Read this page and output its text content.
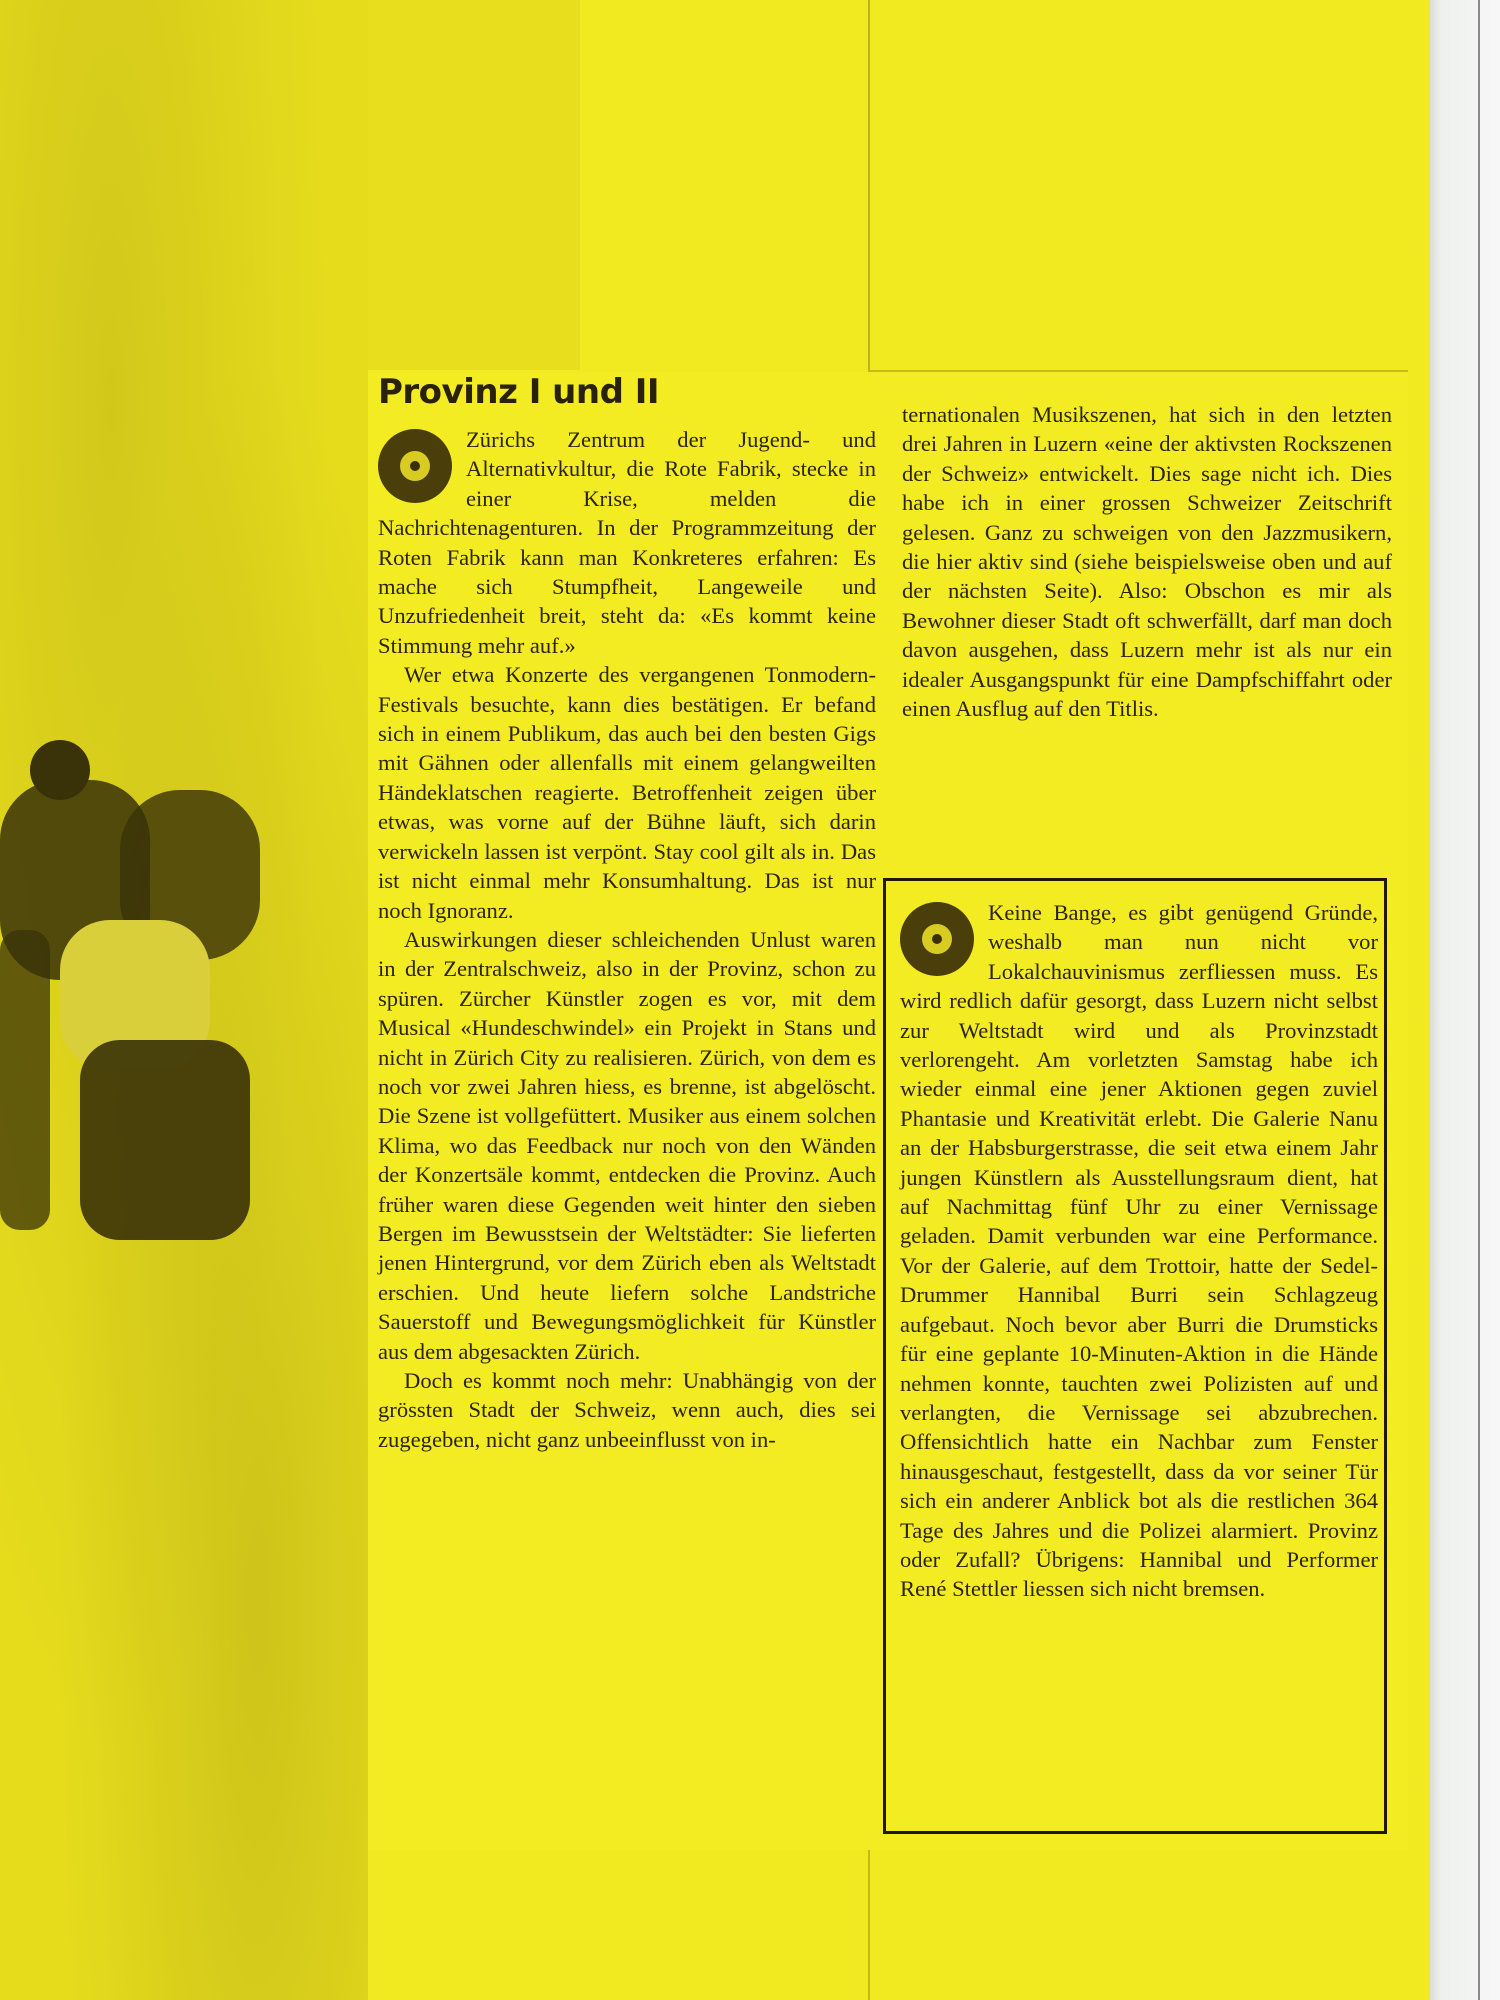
Provinz I und II

Zürichs Zentrum der Jugend- und Alternativkultur, die Rote Fabrik, stecke in einer Krise, melden die Nachrichtenagenturen. In der Programmzeitung der Roten Fabrik kann man Konkreteres erfahren: Es mache sich Stumpfheit, Langeweile und Unzufriedenheit breit, steht da: «Es kommt keine Stimmung mehr auf.»

Wer etwa Konzerte des vergangenen Tonmodern-Festivals besuchte, kann dies bestätigen. Er befand sich in einem Publikum, das auch bei den besten Gigs mit Gähnen oder allenfalls mit einem gelangweilten Händeklatschen reagierte. Betroffenheit zeigen über etwas, was vorne auf der Bühne läuft, sich darin verwickeln lassen ist verpönt. Stay cool gilt als in. Das ist nicht einmal mehr Konsumhaltung. Das ist nur noch Ignoranz.

Auswirkungen dieser schleichenden Unlust waren in der Zentralschweiz, also in der Provinz, schon zu spüren. Zürcher Künstler zogen es vor, mit dem Musical «Hundeschwindel» ein Projekt in Stans und nicht in Zürich City zu realisieren. Zürich, von dem es noch vor zwei Jahren hiess, es brenne, ist abgelöscht. Die Szene ist vollgefüttert. Musiker aus einem solchen Klima, wo das Feedback nur noch von den Wänden der Konzertsäle kommt, entdecken die Provinz. Auch früher waren diese Gegenden weit hinter den sieben Bergen im Bewusstsein der Weltstädter: Sie lieferten jenen Hintergrund, vor dem Zürich eben als Weltstadt erschien. Und heute liefern solche Landstriche Sauerstoff und Bewegungsmöglichkeit für Künstler aus dem abgesackten Zürich.

Doch es kommt noch mehr: Unabhängig von der grössten Stadt der Schweiz, wenn auch, dies sei zugegeben, nicht ganz unbeeinflusst von in-

ternationalen Musikszenen, hat sich in den letzten drei Jahren in Luzern «eine der aktivsten Rockszenen der Schweiz» entwickelt. Dies sage nicht ich. Dies habe ich in einer grossen Schweizer Zeitschrift gelesen. Ganz zu schweigen von den Jazzmusikern, die hier aktiv sind (siehe beispielsweise oben und auf der nächsten Seite). Also: Obschon es mir als Bewohner dieser Stadt oft schwerfällt, darf man doch davon ausgehen, dass Luzern mehr ist als nur ein idealer Ausgangspunkt für eine Dampfschiffahrt oder einen Ausflug auf den Titlis.

Keine Bange, es gibt genügend Gründe, weshalb man nun nicht vor Lokalchauvinismus zerfliessen muss. Es wird redlich dafür gesorgt, dass Luzern nicht selbst zur Weltstadt wird und als Provinzstadt verlorengeht. Am vorletzten Samstag habe ich wieder einmal eine jener Aktionen gegen zuviel Phantasie und Kreativität erlebt. Die Galerie Nanu an der Habsburgerstrasse, die seit etwa einem Jahr jungen Künstlern als Ausstellungsraum dient, hat auf Nachmittag fünf Uhr zu einer Vernissage geladen. Damit verbunden war eine Performance. Vor der Galerie, auf dem Trottoir, hatte der Sedel-Drummer Hannibal Burri sein Schlagzeug aufgebaut. Noch bevor aber Burri die Drumsticks für eine geplante 10-Minuten-Aktion in die Hände nehmen konnte, tauchten zwei Polizisten auf und verlangten, die Vernissage sei abzubrechen. Offensichtlich hatte ein Nachbar zum Fenster hinausgeschaut, festgestellt, dass da vor seiner Tür sich ein anderer Anblick bot als die restlichen 364 Tage des Jahres und die Polizei alarmiert. Provinz oder Zufall? Übrigens: Hannibal und Performer René Stettler liessen sich nicht bremsen.
